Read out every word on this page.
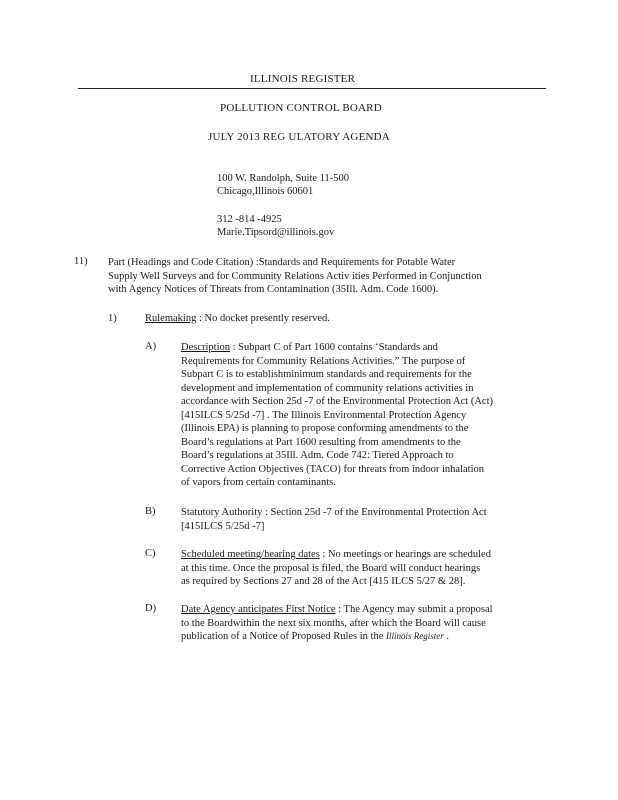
ILLINOIS REGISTER
POLLUTION CONTROL BOARD
JULY 2013 REG ULATORY AGENDA
100 W. Randolph, Suite 11-500
Chicago,Illinois 60601
312 -814 -4925
Marie.Tipsord@illinois.gov
11) Part (Headings and Code Citation) :Standards and Requirements for Potable Water
Supply Well Surveys and for Community Relations Activ ities Performed in Conjunction
with Agency Notices of Threats from Contamination (35Ill. Adm. Code 1600).
1)	Rulemaking : No docket presently reserved.
A) Description : Subpart C of Part 1600 contains ‘Standards and
Requirements for Community Relations Activities.” The purpose of
Subpart C is to establishminimum standards and requirements for the
development and implementation of community relations activities in
accordance with Section 25d -7 of the Environmental Protection Act (Act)
[415ILCS 5/25d -7] . The Illinois Environmental Protection Agency
(Illinois EPA) is planning to propose conforming amendments to the
Board’s regulations at Part 1600 resulting from amendments to the
Board’s regulations at 35Ill. Adm. Code 742: Tiered Approach to
Corrective Action Objectives (TACO) for threats from indoor inhalation
of vapors from certain contaminants.
B) Statutory Authority : Section 25d -7 of the Environmental Protection Act
[415ILCS 5/25d -7]
C) Scheduled meeting/hearing dates : No meetings or hearings are scheduled
at this time. Once the proposal is filed, the Board will conduct hearings
as required by Sections 27 and 28 of the Act [415 ILCS 5/27 & 28].
D) Date Agency anticipates First Notice : The Agency may submit a proposal
to the Boardwithin the next six months, after which the Board will cause
publication of a Notice of Proposed Rules in the Illinois Register .
